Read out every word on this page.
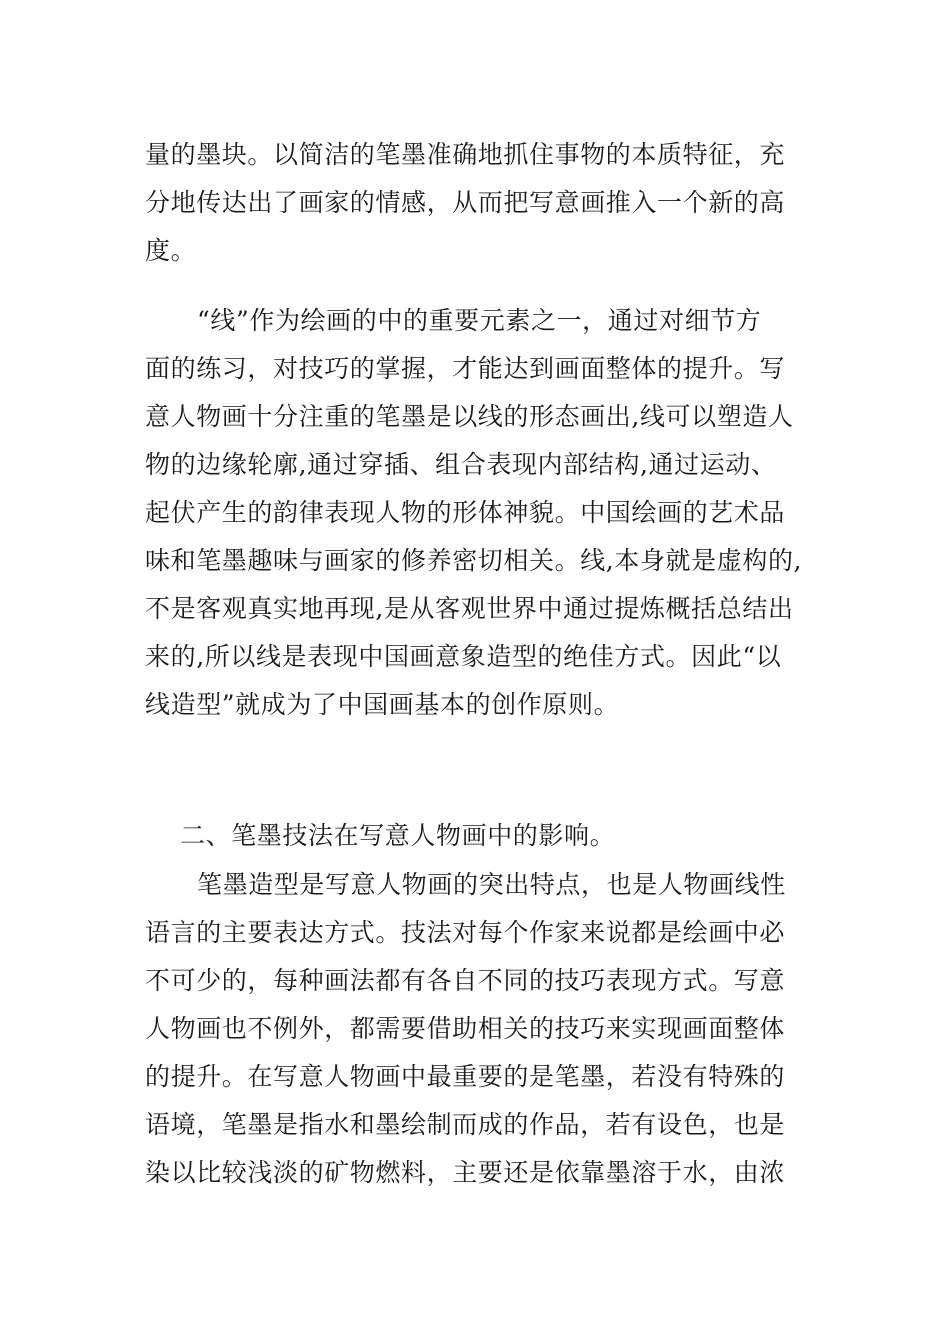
量的墨块。以简洁的笔墨准确地抓住事物的本质特征，充
分地传达出了画家的情感，从而把写意画推入一个新的高
度。
“线”作为绘画的中的重要元素之一，通过对细节方
面的练习，对技巧的掌握，才能达到画面整体的提升。写
意人物画十分注重的笔墨是以线的形态画出,线可以塑造人
物的边缘轮廓,通过穿插、组合表现内部结构,通过运动、
起伏产生的韵律表现人物的形体神貌。中国绘画的艺术品
味和笔墨趣味与画家的修养密切相关。线,本身就是虚构的,
不是客观真实地再现,是从客观世界中通过提炼概括总结出
来的,所以线是表现中国画意象造型的绝佳方式。因此“以
线造型”就成为了中国画基本的创作原则。
二、笔墨技法在写意人物画中的影响。
笔墨造型是写意人物画的突出特点，也是人物画线性
语言的主要表达方式。技法对每个作家来说都是绘画中必
不可少的，每种画法都有各自不同的技巧表现方式。写意
人物画也不例外，都需要借助相关的技巧来实现画面整体
的提升。在写意人物画中最重要的是笔墨，若没有特殊的
语境，笔墨是指水和墨绘制而成的作品，若有设色，也是
染以比较浅淡的矿物燃料，主要还是依靠墨溶于水，由浓
